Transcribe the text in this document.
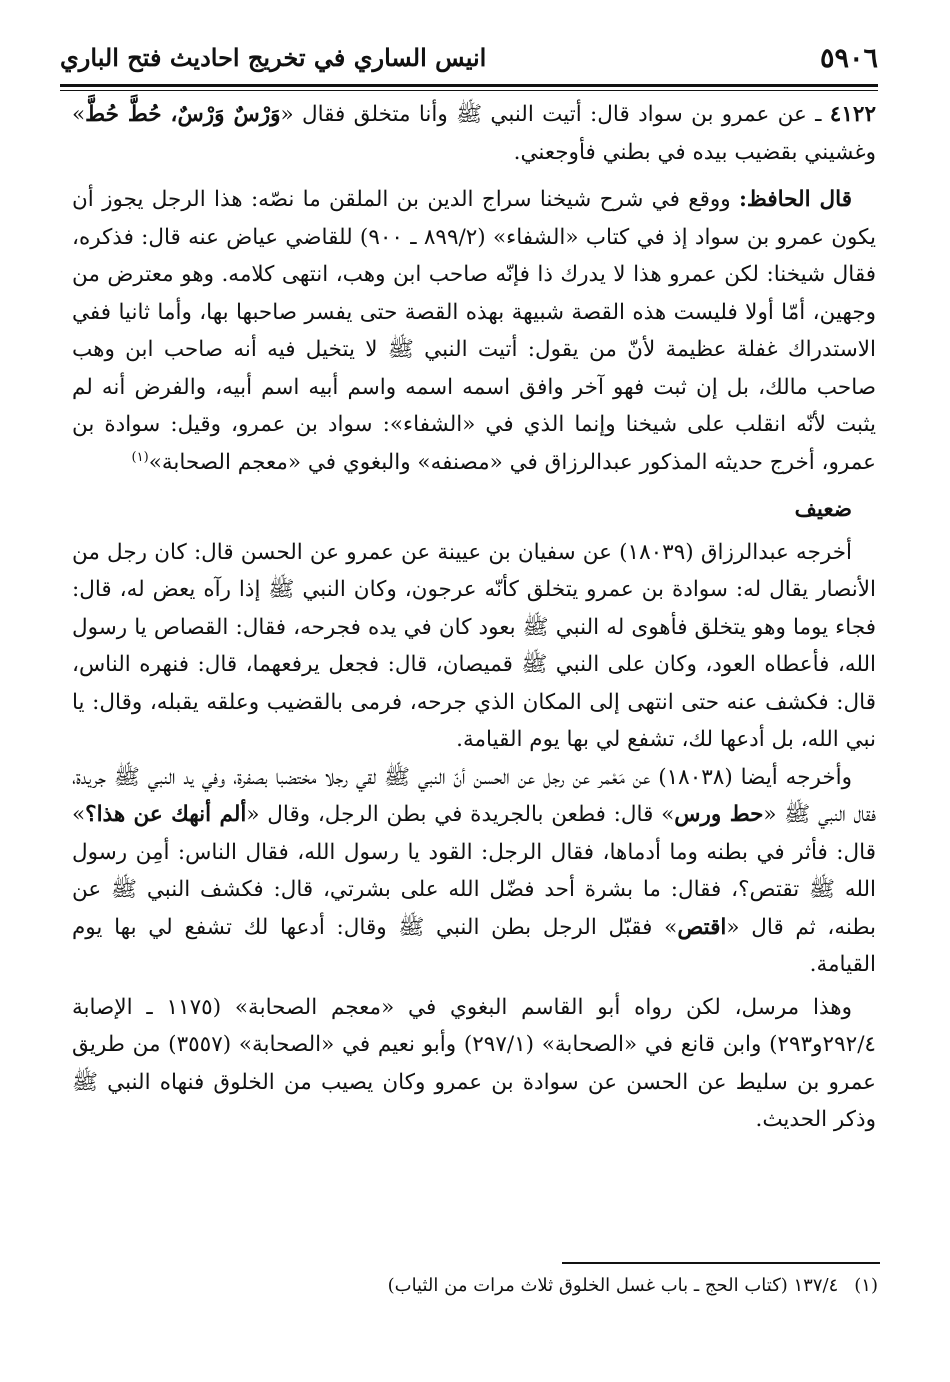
٥٩٠٦
انيس الساري في تخريج احاديث فتح الباري

٤١٢٢ ـ عن عمرو بن سواد قال: أتيت النبي ﷺ وأنا متخلق فقال «وَرْسٌ وَرْسٌ، حُطَّ حُطَّ» وغشيني بقضيب بيده في بطني فأوجعني.

قال الحافظ: ووقع في شرح شيخنا سراج الدين بن الملقن ما نصّه: هذا الرجل يجوز أن يكون عمرو بن سواد إذ في كتاب «الشفاء» (٨٩٩/٢ ـ ٩٠٠) للقاضي عياض عنه قال: فذكره، فقال شيخنا: لكن عمرو هذا لا يدرك ذا فإنّه صاحب ابن وهب، انتهى كلامه. وهو معترض من وجهين، أمّا أولا فليست هذه القصة شبيهة بهذه القصة حتى يفسر صاحبها بها، وأما ثانيا ففي الاستدراك غفلة عظيمة لأنّ من يقول: أتيت النبي ﷺ لا يتخيل فيه أنه صاحب ابن وهب صاحب مالك، بل إن ثبت فهو آخر وافق اسمه اسمه واسم أبيه اسم أبيه، والفرض أنه لم يثبت لأنّه انقلب على شيخنا وإنما الذي في «الشفاء»: سواد بن عمرو، وقيل: سوادة بن عمرو، أخرج حديثه المذكور عبدالرزاق في «مصنفه» والبغوي في «معجم الصحابة»$^{(١)}$

ضعيف

أخرجه عبدالرزاق (١٨٠٣٩) عن سفيان بن عيينة عن عمرو عن الحسن قال: كان رجل من الأنصار يقال له: سوادة بن عمرو يتخلق كأنّه عرجون، وكان النبي ﷺ إذا رآه يعض له، قال: فجاء يوما وهو يتخلق فأهوى له النبي ﷺ بعود كان في يده فجرحه، فقال: القصاص يا رسول الله، فأعطاه العود، وكان على النبي ﷺ قميصان، قال: فجعل يرفعهما، قال: فنهره الناس، قال: فكشف عنه حتى انتهى إلى المكان الذي جرحه، فرمى بالقضيب وعلقه يقبله، وقال: يا نبي الله، بل أدعها لك، تشفع لي بها يوم القيامة.

وأخرجه أيضا (١٨٠٣٨) عن مَعْمر عن رجل عن الحسن أنّ النبي ﷺ لقي رجلا مختضبا بصفرة، وفي يد النبي ﷺ جريدة، فقال النبي ﷺ «حط ورس» قال: فطعن بالجريدة في بطن الرجل، وقال «ألم أنهك عن هذا؟» قال: فأثر في بطنه وما أدماها، فقال الرجل: القود يا رسول الله، فقال الناس: أمِن رسول الله ﷺ تقتص؟، فقال: ما بشرة أحد فضّل الله على بشرتي، قال: فكشف النبي ﷺ عن بطنه، ثم قال «اقتص» فقبّل الرجل بطن النبي ﷺ وقال: أدعها لك تشفع لي بها يوم القيامة.

وهذا مرسل، لكن رواه أبو القاسم البغوي في «معجم الصحابة» (١١٧٥ ـ الإصابة ٢٩٢/٤و٢٩٣) وابن قانع في «الصحابة» (٢٩٧/١) وأبو نعيم في «الصحابة» (٣٥٥٧) من طريق عمرو بن سليط عن الحسن عن سوادة بن عمرو وكان يصيب من الخلوق فنهاه النبي ﷺ وذكر الحديث.

(١)١٣٧/٤ (كتاب الحج ـ باب غسل الخلوق ثلاث مرات من الثياب)
